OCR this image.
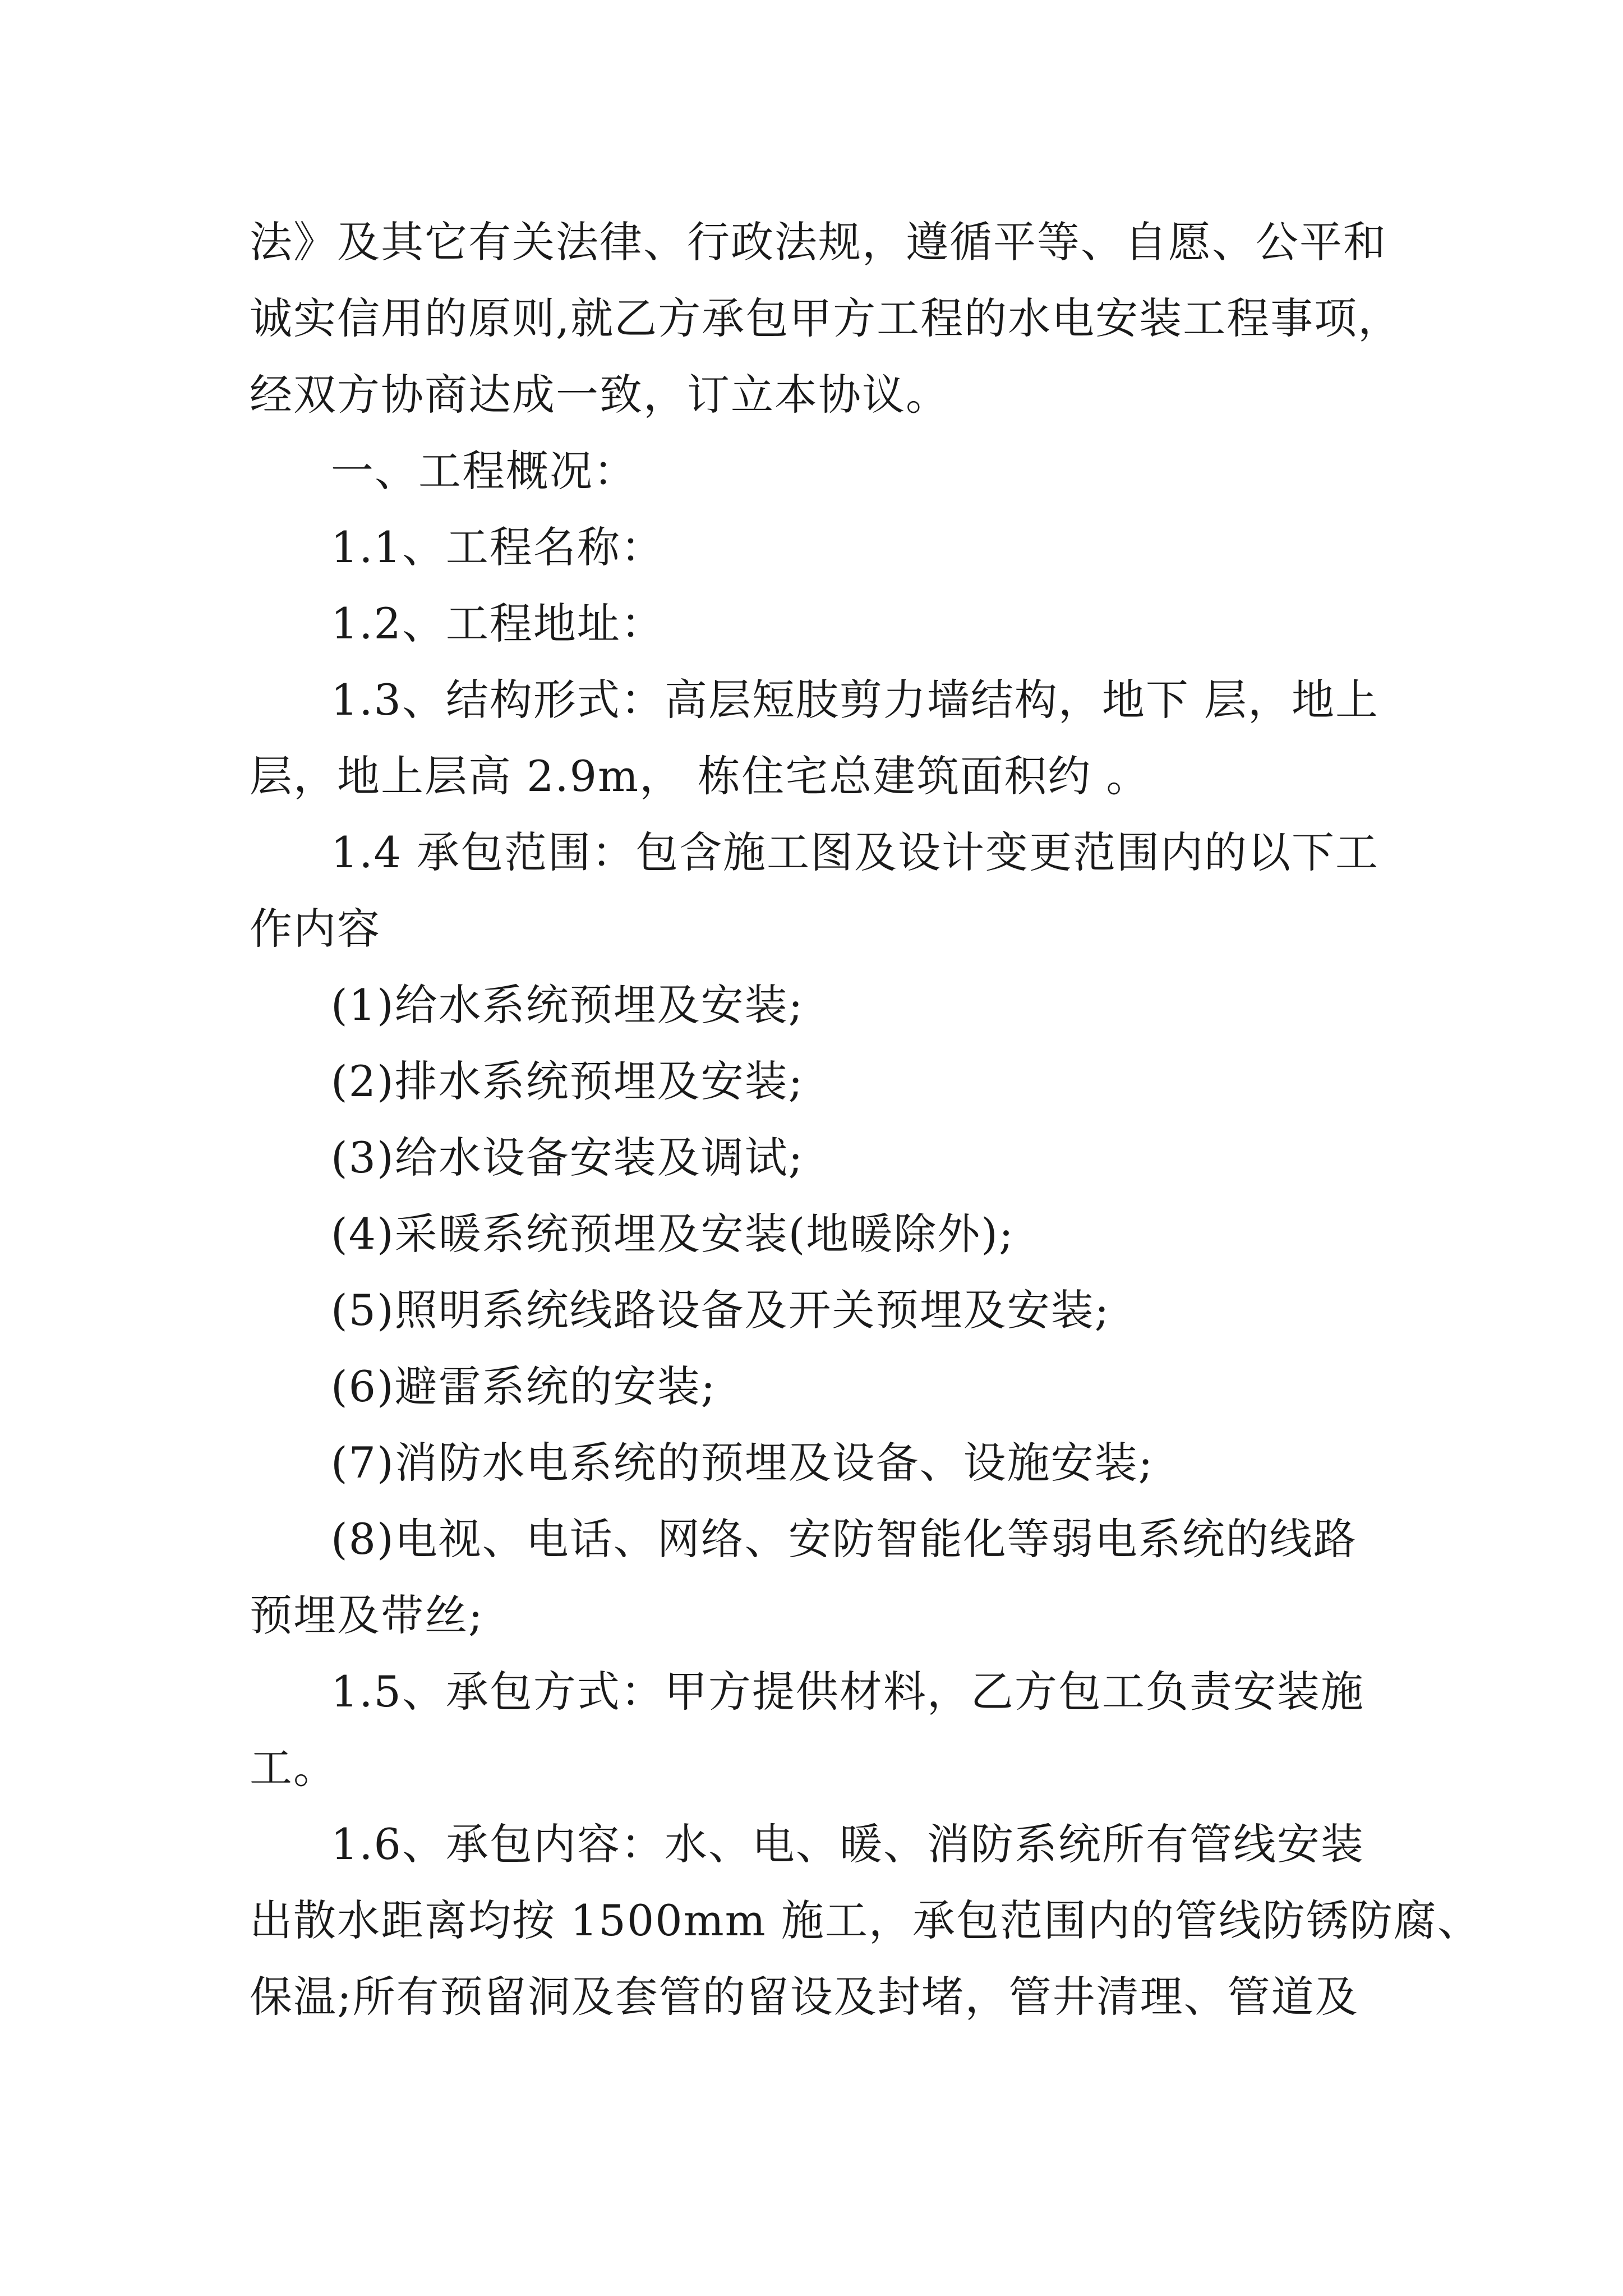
法》及其它有关法律、行政法规，遵循平等、自愿、公平和
诚实信用的原则,就乙方承包甲方工程的水电安装工程事项，
经双方协商达成一致，订立本协议。
一、工程概况：
1.1、工程名称：
1.2、工程地址：
1.3、结构形式：高层短肢剪力墙结构，地下 层，地上
层，地上层高 2.9m， 栋住宅总建筑面积约 。
1.4 承包范围：包含施工图及设计变更范围内的以下工
作内容
(1)给水系统预埋及安装;
(2)排水系统预埋及安装;
(3)给水设备安装及调试;
(4)采暖系统预埋及安装(地暖除外);
(5)照明系统线路设备及开关预埋及安装;
(6)避雷系统的安装;
(7)消防水电系统的预埋及设备、设施安装;
(8)电视、电话、网络、安防智能化等弱电系统的线路
预埋及带丝;
1.5、承包方式：甲方提供材料，乙方包工负责安装施
工。
1.6、承包内容：水、电、暖、消防系统所有管线安装
出散水距离均按 1500mm 施工，承包范围内的管线防锈防腐、
保温;所有预留洞及套管的留设及封堵，管井清理、管道及
